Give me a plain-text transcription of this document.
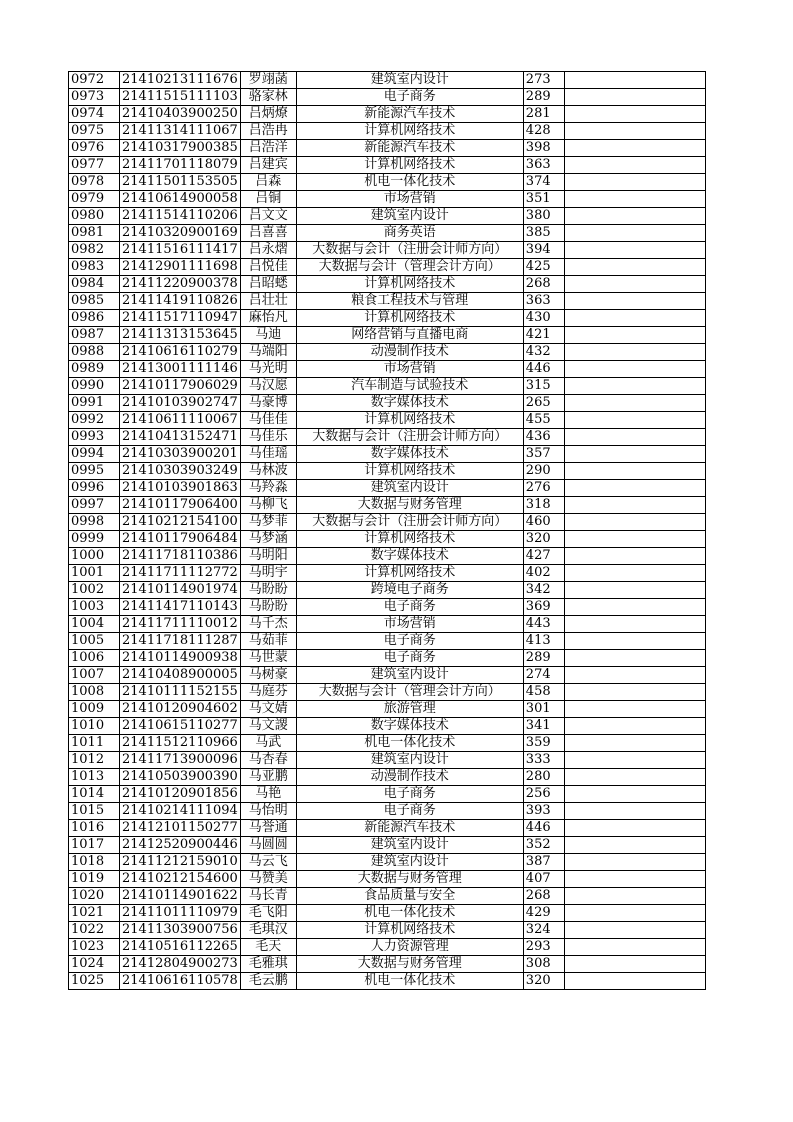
0972	21410213111676	罗翊菡	建筑室内设计	273	
0973	21411515111103	骆家林	电子商务	289	
0974	21410403900250	吕炳燎	新能源汽车技术	281	
0975	21411314111067	吕浩冉	计算机网络技术	428	
0976	21410317900385	吕浩洋	新能源汽车技术	398	
0977	21411701118079	吕建宾	计算机网络技术	363	
0978	21411501153505	吕森	机电一体化技术	374	
0979	21410614900058	吕铜	市场营销	351	
0980	21411514110206	吕文文	建筑室内设计	380	
0981	21410320900169	吕喜喜	商务英语	385	
0982	21411516111417	吕永熠	大数据与会计（注册会计师方向）	394	
0983	21412901111698	吕悦佳	大数据与会计（管理会计方向）	425	
0984	21411220900378	吕昭蟋	计算机网络技术	268	
0985	21411419110826	吕壮壮	粮食工程技术与管理	363	
0986	21411517110947	麻怡凡	计算机网络技术	430	
0987	21411313153645	马迪	网络营销与直播电商	421	
0988	21410616110279	马端阳	动漫制作技术	432	
0989	21413001111146	马光明	市场营销	446	
0990	21410117906029	马汉愿	汽车制造与试验技术	315	
0991	21410103902747	马豪博	数字媒体技术	265	
0992	21410611110067	马佳佳	计算机网络技术	455	
0993	21410413152471	马佳乐	大数据与会计（注册会计师方向）	436	
0994	21410303900201	马佳瑶	数字媒体技术	357	
0995	21410303903249	马林波	计算机网络技术	290	
0996	21410103901863	马羚淼	建筑室内设计	276	
0997	21410117906400	马柳飞	大数据与财务管理	318	
0998	21410212154100	马梦菲	大数据与会计（注册会计师方向）	460	
0999	21410117906484	马梦涵	计算机网络技术	320	
1000	21411718110386	马明阳	数字媒体技术	427	
1001	21411711112772	马明宇	计算机网络技术	402	
1002	21410114901974	马盼盼	跨境电子商务	342	
1003	21411417110143	马盼盼	电子商务	369	
1004	21411711110012	马千杰	市场营销	443	
1005	21411718111287	马茹菲	电子商务	413	
1006	21410114900938	马世蒙	电子商务	289	
1007	21410408900005	马树豪	建筑室内设计	274	
1008	21410111152155	马庭芬	大数据与会计（管理会计方向）	458	
1009	21410120904602	马文婧	旅游管理	301	
1010	21410615110277	马文謖	数字媒体技术	341	
1011	21411512110966	马武	机电一体化技术	359	
1012	21411713900096	马杏春	建筑室内设计	333	
1013	21410503900390	马亚鹏	动漫制作技术	280	
1014	21410120901856	马艳	电子商务	256	
1015	21410214111094	马怡明	电子商务	393	
1016	21412101150277	马誉通	新能源汽车技术	446	
1017	21412520900446	马圆圆	建筑室内设计	352	
1018	21411212159010	马云飞	建筑室内设计	387	
1019	21410212154600	马赞美	大数据与财务管理	407	
1020	21410114901622	马长青	食品质量与安全	268	
1021	21411011110979	毛飞阳	机电一体化技术	429	
1022	21411303900756	毛琪汉	计算机网络技术	324	
1023	21410516112265	毛天	人力资源管理	293	
1024	21412804900273	毛雅琪	大数据与财务管理	308	
1025	21410616110578	毛云鹏	机电一体化技术	320	
